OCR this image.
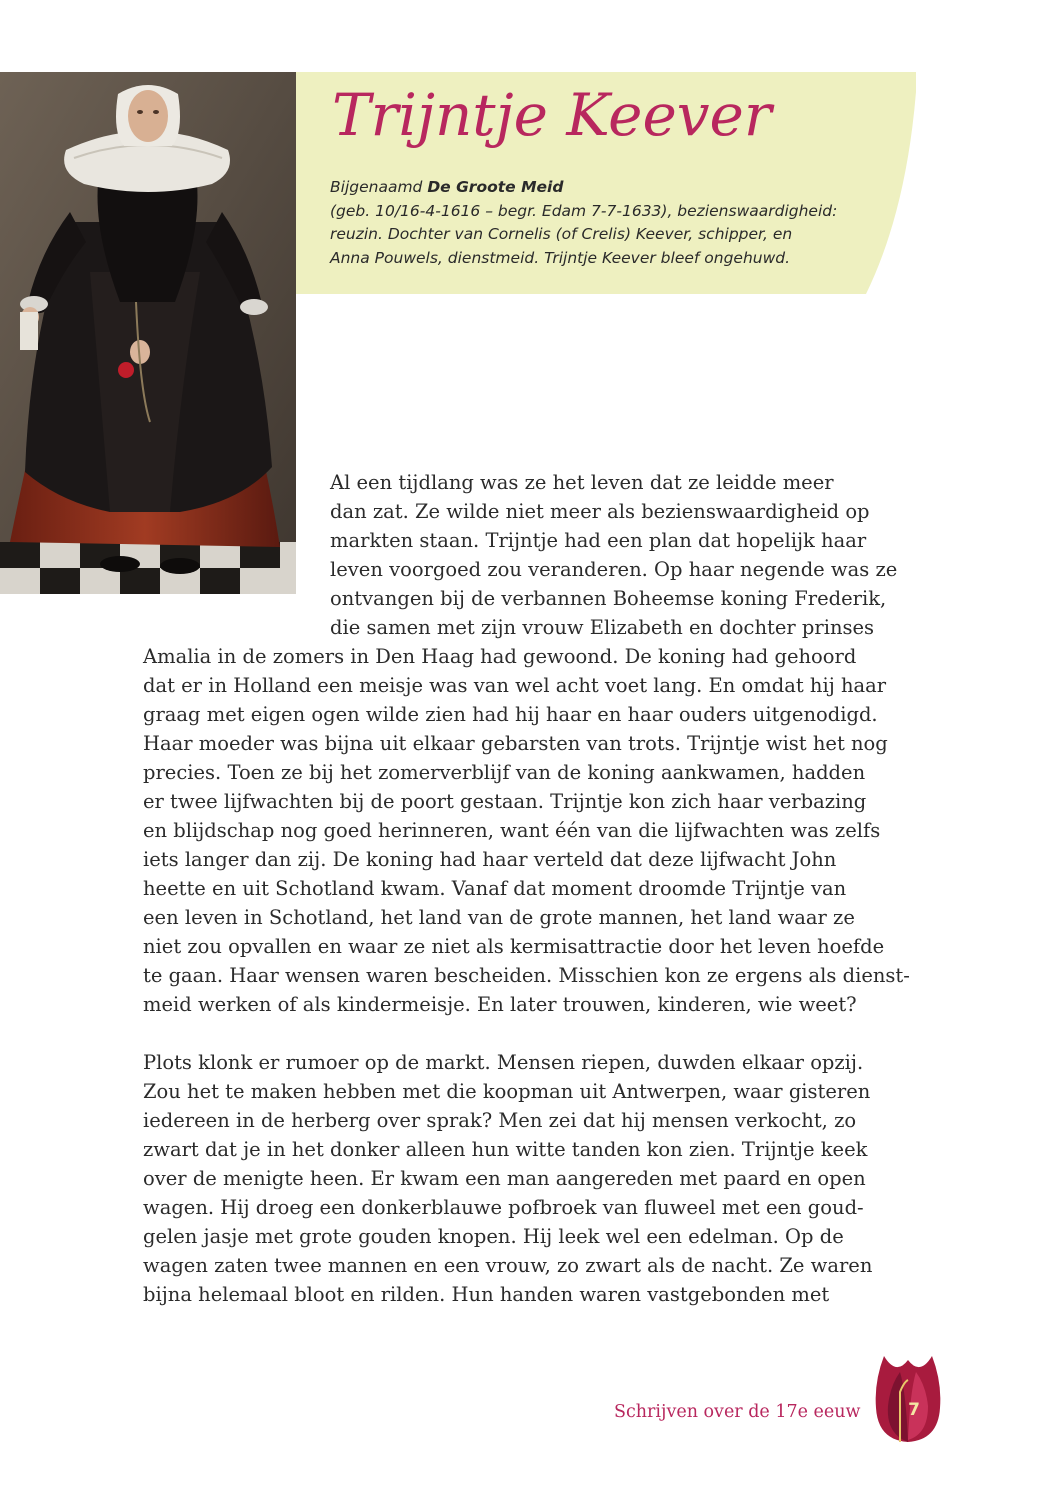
Trijntje Keever
Bijgenaamd De Groote Meid
(geb. 10/16-4-1616 – begr. Edam 7-7-1633), bezienswaardigheid:
reuzin. Dochter van Cornelis (of Crelis) Keever, schipper, en
Anna Pouwels, dienstmeid. Trijntje Keever bleef ongehuwd.
Al een tijdlang was ze het leven dat ze leidde meer
dan zat. Ze wilde niet meer als bezienswaardigheid op
markten staan. Trijntje had een plan dat hopelijk haar
leven voorgoed zou veranderen. Op haar negende was ze
ontvangen bij de verbannen Boheemse koning Frederik,
die samen met zijn vrouw Elizabeth en dochter prinses
Amalia in de zomers in Den Haag had gewoond. De koning had gehoord
dat er in Holland een meisje was van wel acht voet lang. En omdat hij haar
graag met eigen ogen wilde zien had hij haar en haar ouders uitgenodigd.
Haar moeder was bijna uit elkaar gebarsten van trots. Trijntje wist het nog
precies. Toen ze bij het zomerverblijf van de koning aankwamen, hadden
er twee lijfwachten bij de poort gestaan. Trijntje kon zich haar verbazing
en blijdschap nog goed herinneren, want één van die lijfwachten was zelfs
iets langer dan zij. De koning had haar verteld dat deze lijfwacht John
heette en uit Schotland kwam. Vanaf dat moment droomde Trijntje van
een leven in Schotland, het land van de grote mannen, het land waar ze
niet zou opvallen en waar ze niet als kermisattractie door het leven hoefde
te gaan. Haar wensen waren bescheiden. Misschien kon ze ergens als dienst-
meid werken of als kindermeisje. En later trouwen, kinderen, wie weet?
Plots klonk er rumoer op de markt. Mensen riepen, duwden elkaar opzij.
Zou het te maken hebben met die koopman uit Antwerpen, waar gisteren
iedereen in de herberg over sprak? Men zei dat hij mensen verkocht, zo
zwart dat je in het donker alleen hun witte tanden kon zien. Trijntje keek
over de menigte heen. Er kwam een man aangereden met paard en open
wagen. Hij droeg een donkerblauwe pofbroek van fluweel met een goud-
gelen jasje met grote gouden knopen. Hij leek wel een edelman. Op de
wagen zaten twee mannen en een vrouw, zo zwart als de nacht. Ze waren
bijna helemaal bloot en rilden. Hun handen waren vastgebonden met
Schrijven over de 17e eeuw	7
